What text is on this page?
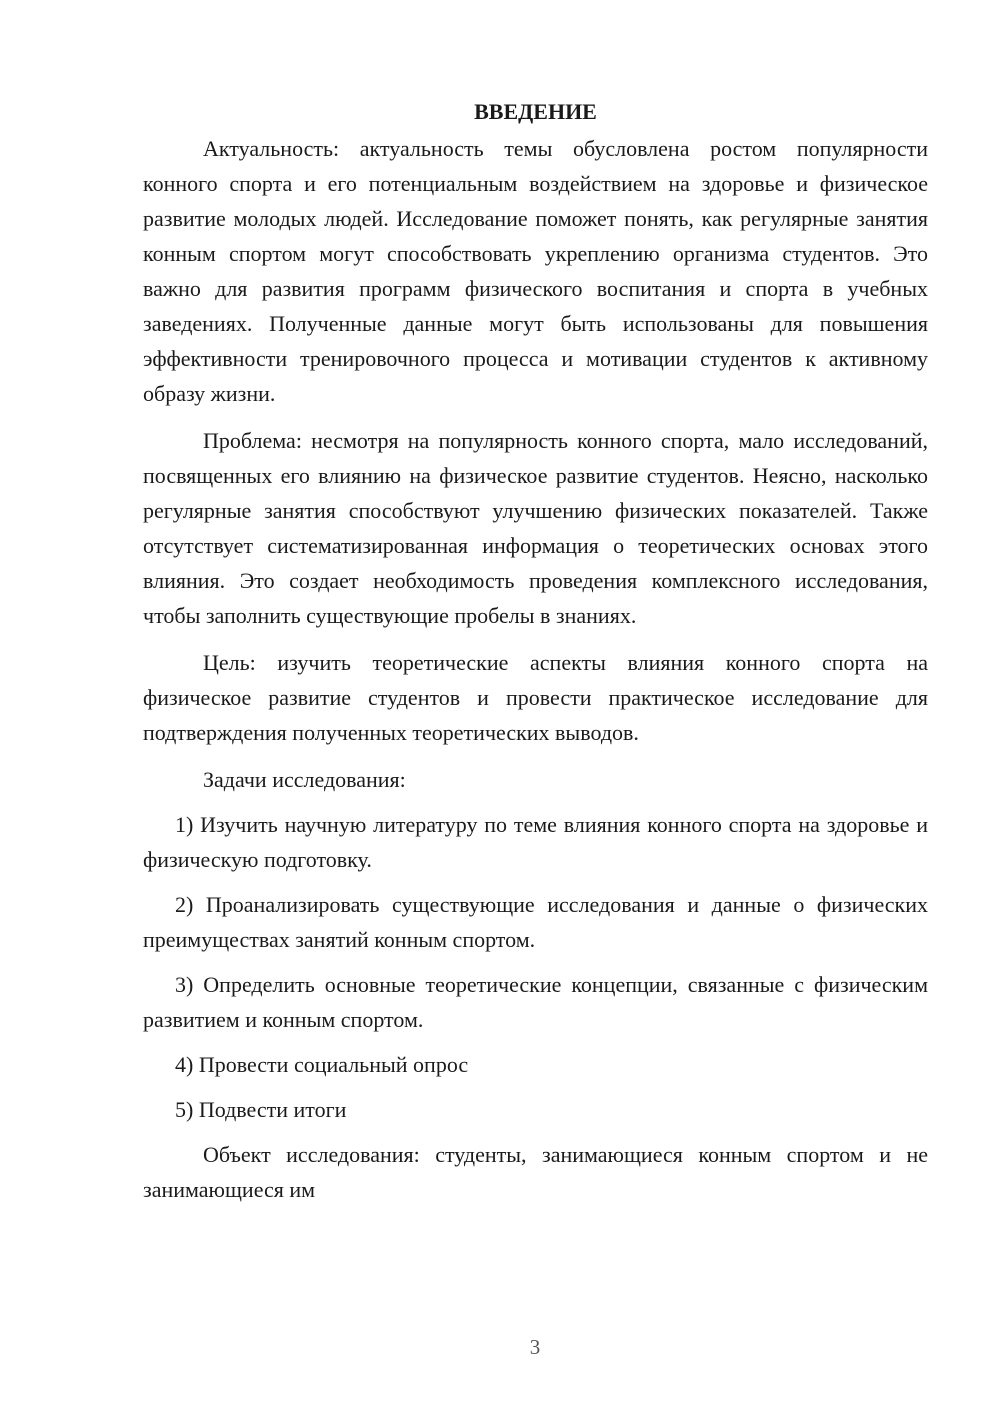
ВВЕДЕНИЕ

Актуальность: актуальность темы обусловлена ростом популярности конного спорта и его потенциальным воздействием на здоровье и физическое развитие молодых людей. Исследование поможет понять, как регулярные занятия конным спортом могут способствовать укреплению организма студентов. Это важно для развития программ физического воспитания и спорта в учебных заведениях. Полученные данные могут быть использованы для повышения эффективности тренировочного процесса и мотивации студентов к активному образу жизни.

Проблема: несмотря на популярность конного спорта, мало исследований, посвященных его влиянию на физическое развитие студентов. Неясно, насколько регулярные занятия способствуют улучшению физических показателей. Также отсутствует систематизированная информация о теоретических основах этого влияния. Это создает необходимость проведения комплексного исследования, чтобы заполнить существующие пробелы в знаниях.

Цель: изучить теоретические аспекты влияния конного спорта на физическое развитие студентов и провести практическое исследование для подтверждения полученных теоретических выводов.

Задачи исследования:

1) Изучить научную литературу по теме влияния конного спорта на здоровье и физическую подготовку.
2) Проанализировать существующие исследования и данные о физических преимуществах занятий конным спортом.
3) Определить основные теоретические концепции, связанные с физическим развитием и конным спортом.
4) Провести социальный опрос
5) Подвести итоги

Объект исследования: студенты, занимающиеся конным спортом и не занимающиеся им

3
